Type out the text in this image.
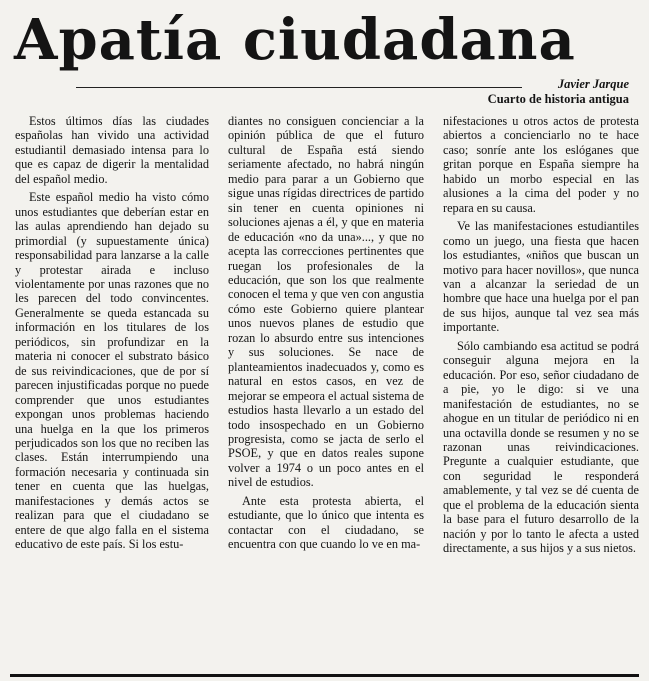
Apatía ciudadana
Javier Jarque
Cuarto de historia antigua

Estos últimos días las ciudades españolas han vivido una actividad estudiantil demasiado intensa para lo que es capaz de digerir la mentalidad del español medio.

Este español medio ha visto cómo unos estudiantes que deberían estar en las aulas aprendiendo han dejado su primordial (y supuestamente única) responsabilidad para lanzarse a la calle y protestar airada e incluso violentamente por unas razones que no les parecen del todo convincentes. Generalmente se queda estancada su información en los titulares de los periódicos, sin profundizar en la materia ni conocer el substrato básico de sus reivindicaciones, que de por sí parecen injustificadas porque no puede comprender que unos estudiantes expongan unos problemas haciendo una huelga en la que los primeros perjudicados son los que no reciben las clases. Están interrumpiendo una formación necesaria y continuada sin tener en cuenta que las huelgas, manifestaciones y demás actos se realizan para que el ciudadano se entere de que algo falla en el sistema educativo de este país. Si los estu-

diantes no consiguen concienciar a la opinión pública de que el futuro cultural de España está siendo seriamente afectado, no habrá ningún medio para parar a un Gobierno que sigue unas rígidas directrices de partido sin tener en cuenta opiniones ni soluciones ajenas a él, y que en materia de educación «no da una»..., y que no acepta las correcciones pertinentes que ruegan los profesionales de la educación, que son los que realmente conocen el tema y que ven con angustia cómo este Gobierno quiere plantear unos nuevos planes de estudio que rozan lo absurdo entre sus intenciones y sus soluciones. Se nace de planteamientos inadecuados y, como es natural en estos casos, en vez de mejorar se empeora el actual sistema de estudios hasta llevarlo a un estado del todo insospechado en un Gobierno progresista, como se jacta de serlo el PSOE, y que en datos reales supone volver a 1974 o un poco antes en el nivel de estudios.

Ante esta protesta abierta, el estudiante, que lo único que intenta es contactar con el ciudadano, se encuentra con que cuando lo ve en ma-

nifestaciones u otros actos de protesta abiertos a concienciarlo no te hace caso; sonríe ante los eslóganes que gritan porque en España siempre ha habido un morbo especial en las alusiones a la cima del poder y no repara en su causa.

Ve las manifestaciones estudiantiles como un juego, una fiesta que hacen los estudiantes, «niños que buscan un motivo para hacer novillos», que nunca van a alcanzar la seriedad de un hombre que hace una huelga por el pan de sus hijos, aunque tal vez sea más importante.

Sólo cambiando esa actitud se podrá conseguir alguna mejora en la educación. Por eso, señor ciudadano de a pie, yo le digo: si ve una manifestación de estudiantes, no se ahogue en un titular de periódico ni en una octavilla donde se resumen y no se razonan unas reivindicaciones. Pregunte a cualquier estudiante, que con seguridad le responderá amablemente, y tal vez se dé cuenta de que el problema de la educación sienta la base para el futuro desarrollo de la nación y por lo tanto le afecta a usted directamente, a sus hijos y a sus nietos.
